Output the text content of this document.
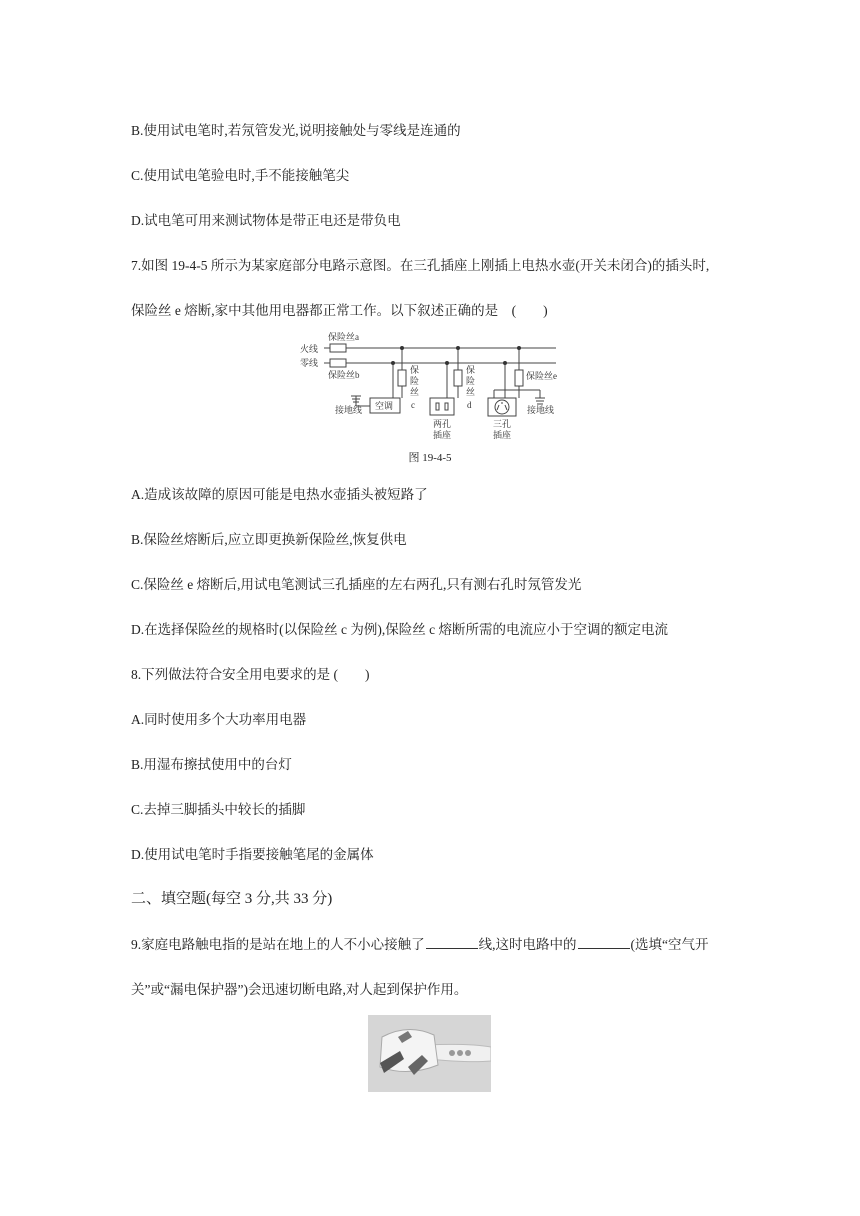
B.使用试电笔时,若氖管发光,说明接触处与零线是连通的
C.使用试电笔验电时,手不能接触笔尖
D.试电笔可用来测试物体是带正电还是带负电
7.如图 19-4-5 所示为某家庭部分电路示意图。在三孔插座上刚插上电热水壶(开关未闭合)的插头时,
保险丝 e 熔断,家中其他用电器都正常工作。以下叙述正确的是　(　　)
火线
零线
保险丝a
保险丝b	保
险
丝
c
保
险
丝
d
保险丝e
接地线	接地线
空调
两孔
插座
三孔
插座
图 19-4-5
A.造成该故障的原因可能是电热水壶插头被短路了
B.保险丝熔断后,应立即更换新保险丝,恢复供电
C.保险丝 e 熔断后,用试电笔测试三孔插座的左右两孔,只有测右孔时氖管发光
D.在选择保险丝的规格时(以保险丝 c 为例),保险丝 c 熔断所需的电流应小于空调的额定电流
8.下列做法符合安全用电要求的是 (　　)
A.同时使用多个大功率用电器
B.用湿布擦拭使用中的台灯
C.去掉三脚插头中较长的插脚
D.使用试电笔时手指要接触笔尾的金属体
二、填空题(每空 3 分,共 33 分)
9.家庭电路触电指的是站在地上的人不小心接触了	线,这时电路中的	(选填“空气开
关”或“漏电保护器”)会迅速切断电路,对人起到保护作用。
